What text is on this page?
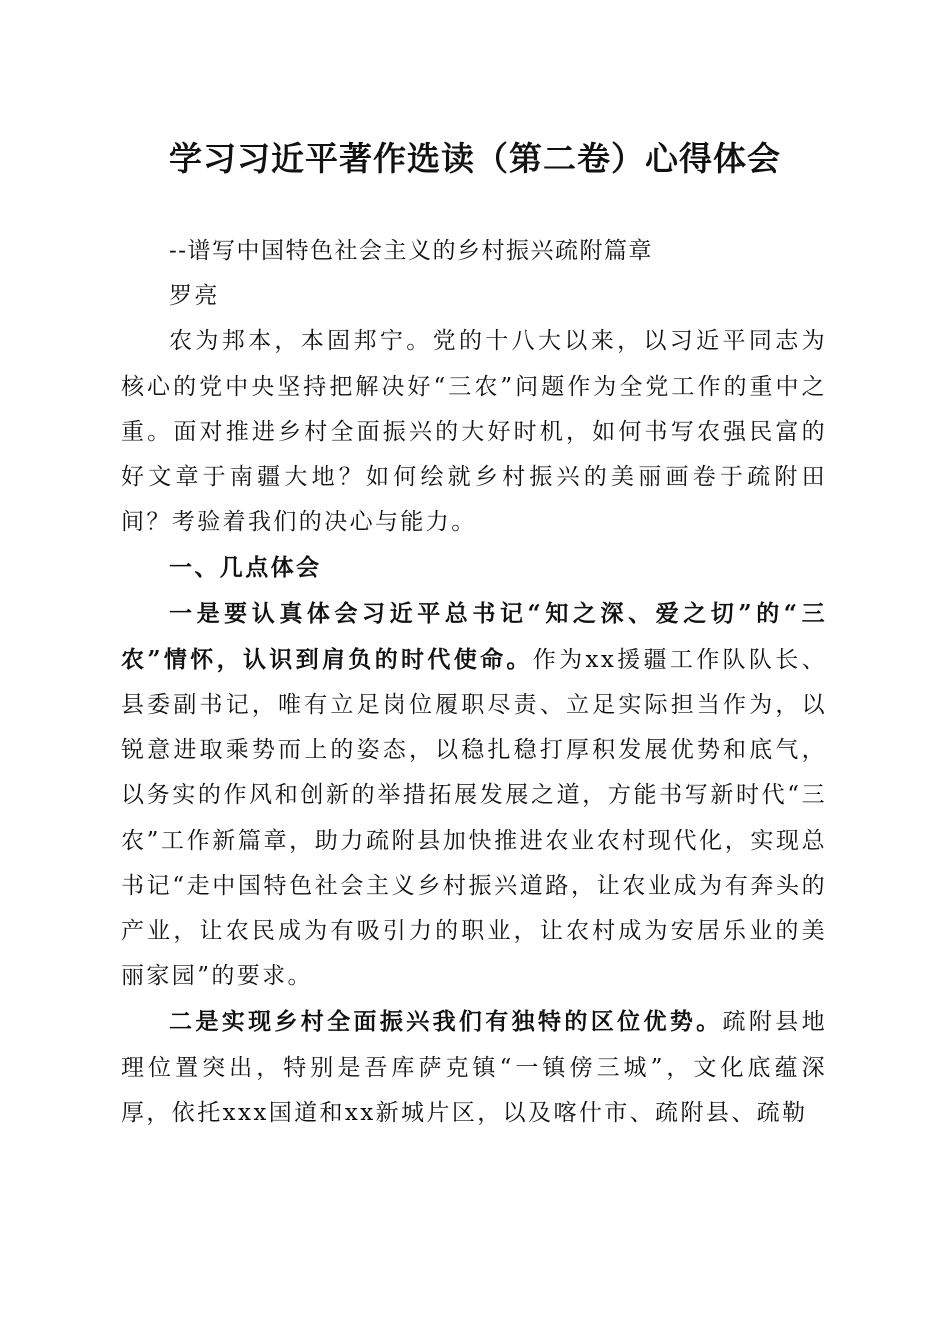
学习习近平著作选读（第二卷）心得体会

--谱写中国特色社会主义的乡村振兴疏附篇章

罗亮

农为邦本，本固邦宁。党的十八大以来，以习近平同志为核心的党中央坚持把解决好“三农”问题作为全党工作的重中之重。面对推进乡村全面振兴的大好时机，如何书写农强民富的好文章于南疆大地？如何绘就乡村振兴的美丽画卷于疏附田间？考验着我们的决心与能力。

一、几点体会

一是要认真体会习近平总书记“知之深、爱之切”的“三农”情怀，认识到肩负的时代使命。作为xx援疆工作队队长、县委副书记，唯有立足岗位履职尽责、立足实际担当作为，以锐意进取乘势而上的姿态，以稳扎稳打厚积发展优势和底气，以务实的作风和创新的举措拓展发展之道，方能书写新时代“三农”工作新篇章，助力疏附县加快推进农业农村现代化，实现总书记“走中国特色社会主义乡村振兴道路，让农业成为有奔头的产业，让农民成为有吸引力的职业，让农村成为安居乐业的美丽家园”的要求。

二是实现乡村全面振兴我们有独特的区位优势。疏附县地理位置突出，特别是吾库萨克镇“一镇傍三城”，文化底蕴深厚，依托xxx国道和xx新城片区，以及喀什市、疏附县、疏勒
